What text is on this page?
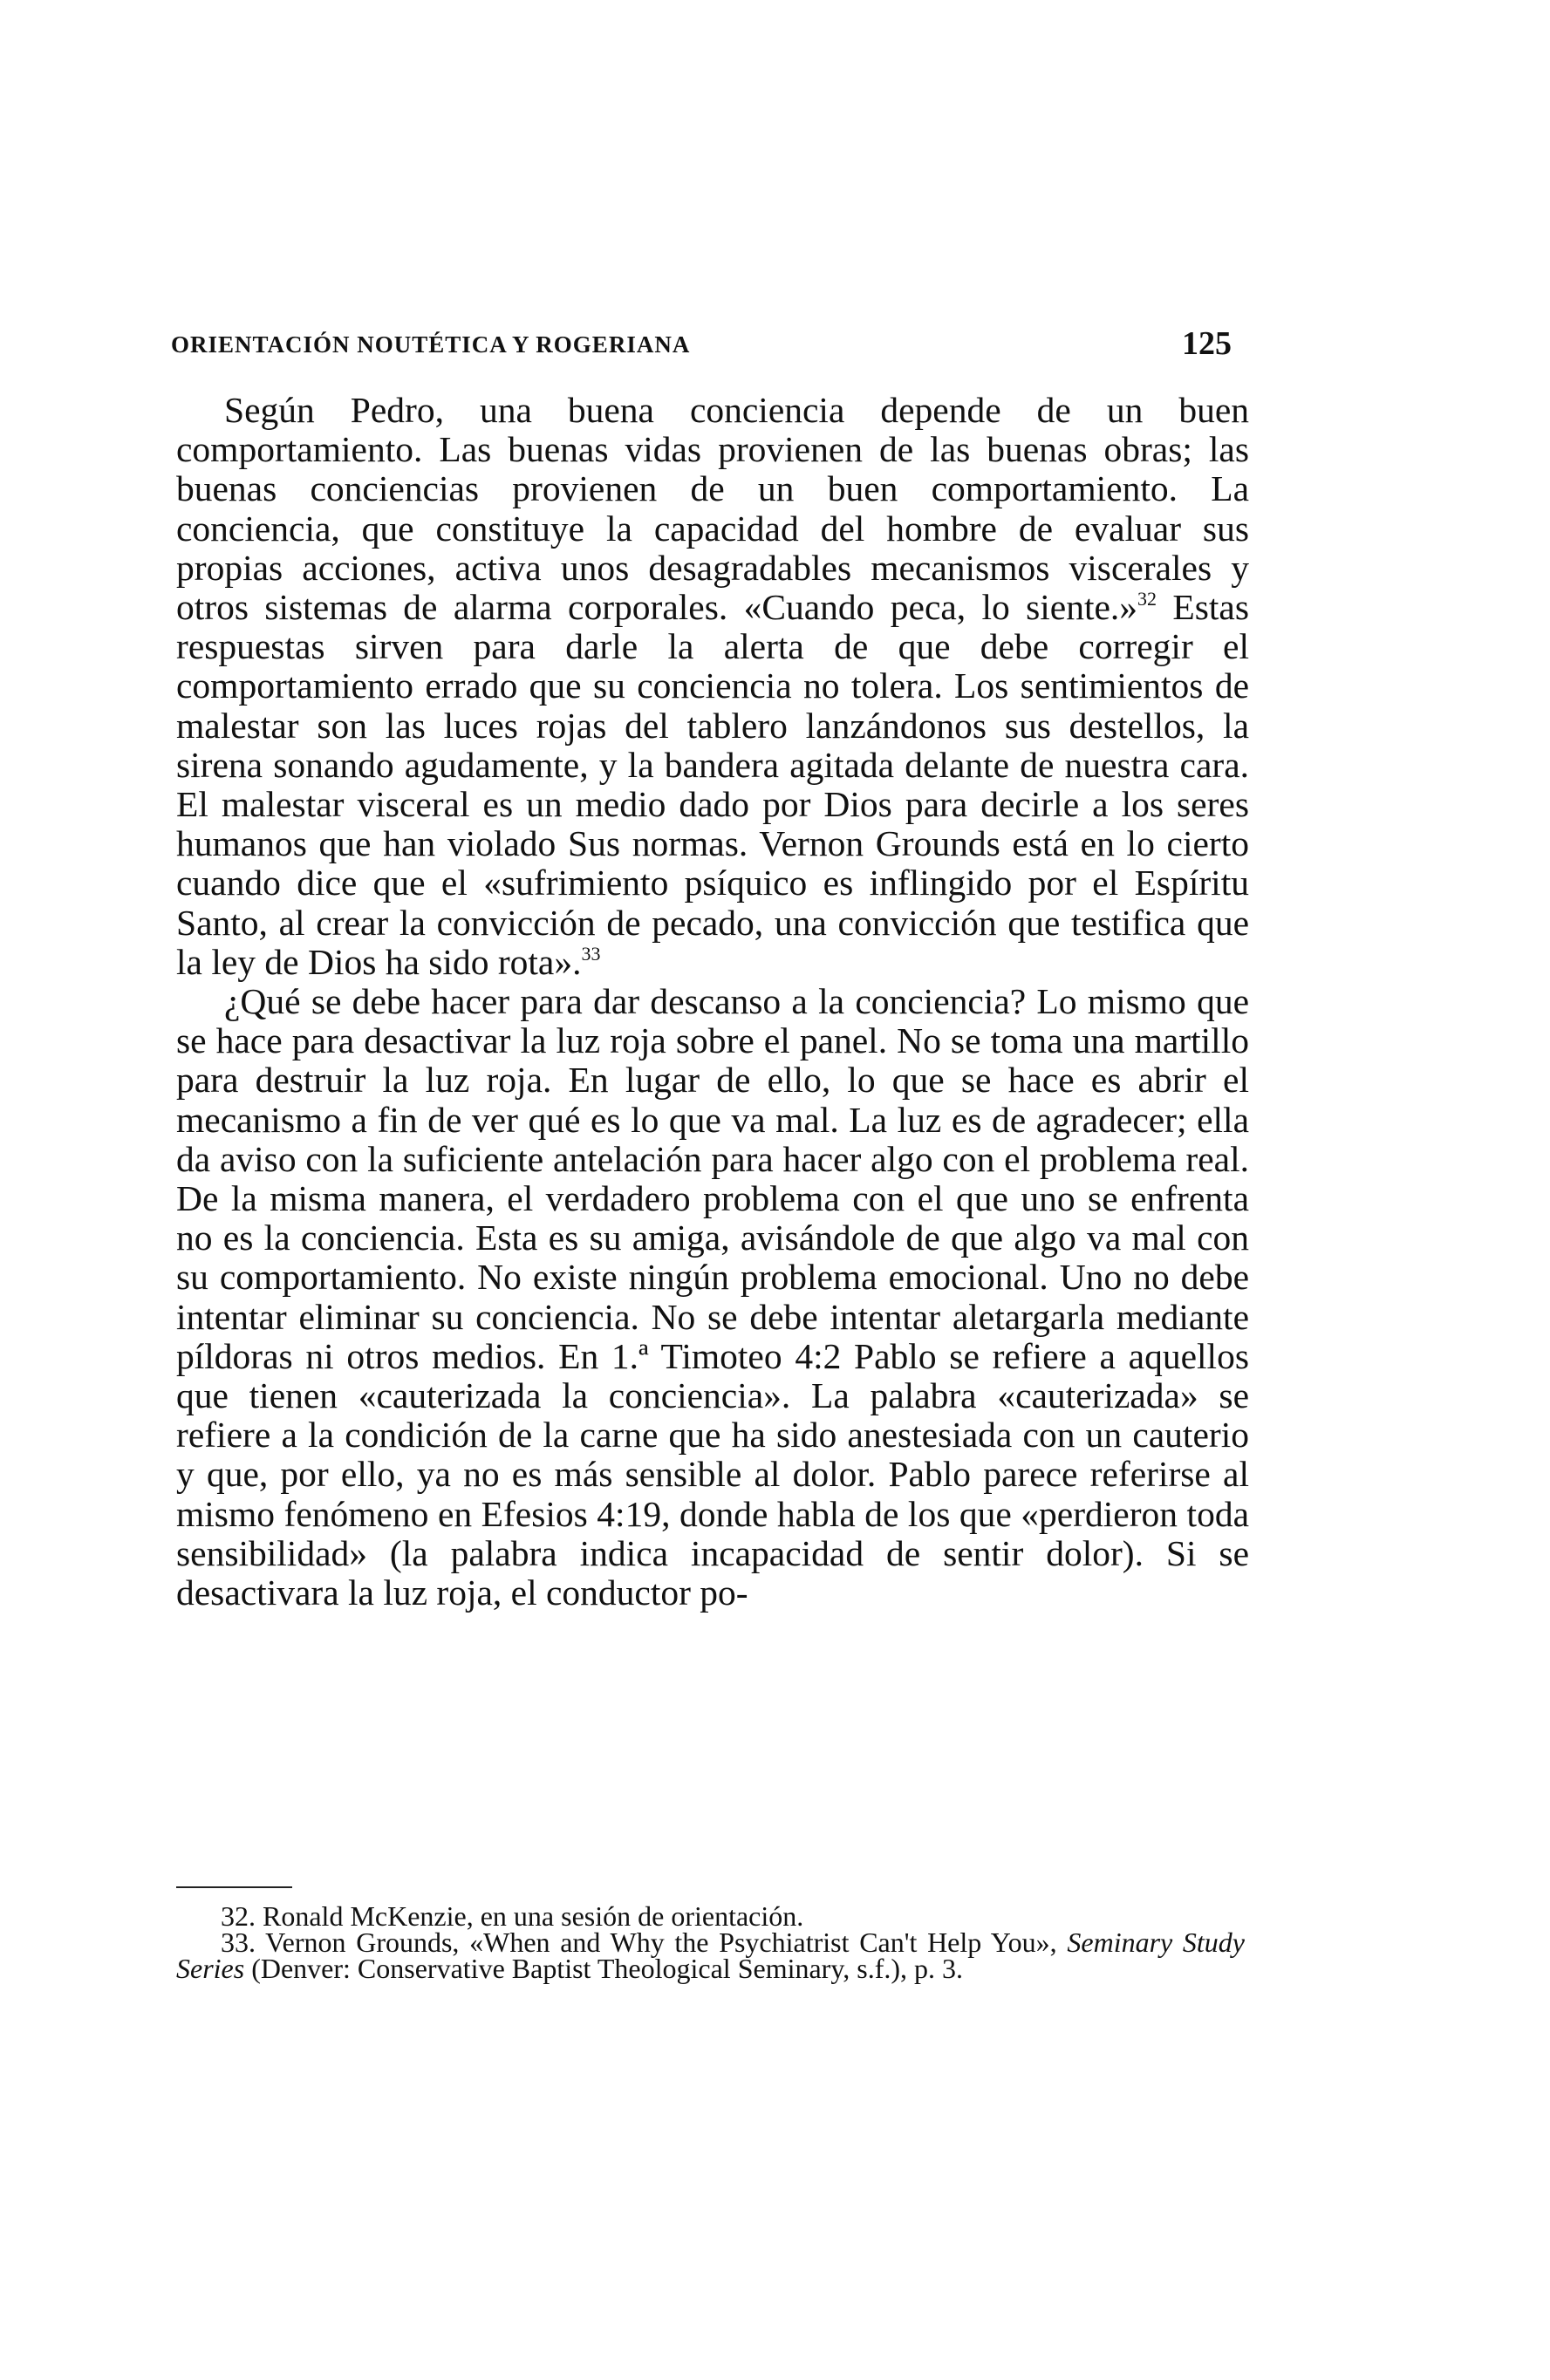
ORIENTACIÓN NOUTÉTICA Y ROGERIANA	125

Según Pedro, una buena conciencia depende de un buen comportamiento. Las buenas vidas provienen de las buenas obras; las buenas conciencias provienen de un buen comportamiento. La conciencia, que constituye la capacidad del hombre de evaluar sus propias acciones, activa unos desagradables mecanismos viscerales y otros sistemas de alarma corporales. «Cuando peca, lo siente.»$^{32}$ Estas respuestas sirven para darle la alerta de que debe corregir el comportamiento errado que su conciencia no tolera. Los sentimientos de malestar son las luces rojas del tablero lanzándonos sus destellos, la sirena sonando agudamente, y la bandera agitada delante de nuestra cara. El malestar visceral es un medio dado por Dios para decirle a los seres humanos que han violado Sus normas. Vernon Grounds está en lo cierto cuando dice que el «sufrimiento psíquico es inflingido por el Espíritu Santo, al crear la convicción de pecado, una convicción que testifica que la ley de Dios ha sido rota».$^{33}$

¿Qué se debe hacer para dar descanso a la conciencia? Lo mismo que se hace para desactivar la luz roja sobre el panel. No se toma una martillo para destruir la luz roja. En lugar de ello, lo que se hace es abrir el mecanismo a fin de ver qué es lo que va mal. La luz es de agradecer; ella da aviso con la suficiente antelación para hacer algo con el problema real. De la misma manera, el verdadero problema con el que uno se enfrenta no es la conciencia. Esta es su amiga, avisándole de que algo va mal con su comportamiento. No existe ningún problema emocional. Uno no debe intentar eliminar su conciencia. No se debe intentar aletargarla mediante píldoras ni otros medios. En 1.ª Timoteo 4:2 Pablo se refiere a aquellos que tienen «cauterizada la conciencia». La palabra «cauterizada» se refiere a la condición de la carne que ha sido anestesiada con un cauterio y que, por ello, ya no es más sensible al dolor. Pablo parece referirse al mismo fenómeno en Efesios 4:19, donde habla de los que «perdieron toda sensibilidad» (la palabra indica incapacidad de sentir dolor). Si se desactivara la luz roja, el conductor po-

32. Ronald McKenzie, en una sesión de orientación.

33. Vernon Grounds, «When and Why the Psychiatrist Can't Help You», Seminary Study Series (Denver: Conservative Baptist Theological Seminary, s.f.), p. 3.
